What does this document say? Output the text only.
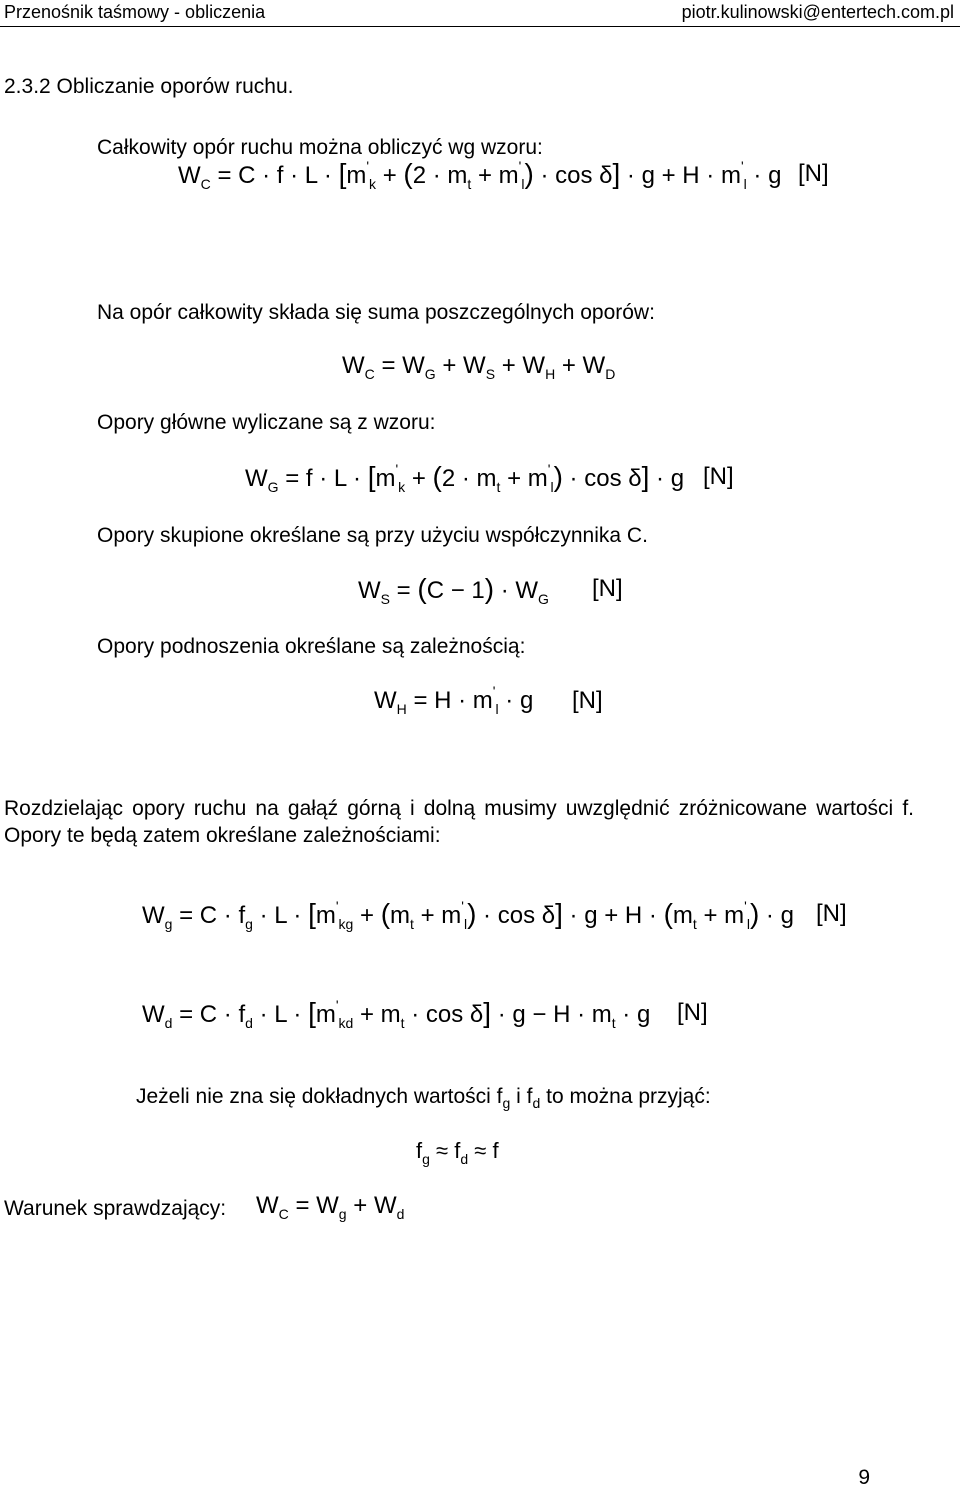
Przenośnik taśmowy - obliczenia	piotr.kulinowski@entertech.com.pl
2.3.2 Obliczanie oporów ruchu.
Całkowity opór ruchu można obliczyć wg wzoru:
$W_C = C \cdot f \cdot L \cdot [m'_k + (2 \cdot m_t + m'_l) \cdot \cos \delta] \cdot g + H \cdot m'_l \cdot g$ [N]
Na opór całkowity składa się suma poszczególnych oporów:
$W_C = W_G + W_S + W_H + W_D$
Opory główne wyliczane są z wzoru:
$W_G = f \cdot L \cdot [m'_k + (2 \cdot m_t + m'_l) \cdot \cos \delta] \cdot g$ [N]
Opory skupione określane są przy użyciu współczynnika C.
$W_S = (C - 1) \cdot W_G$ [N]
Opory podnoszenia określane są zależnością:
$W_H = H \cdot m'_l \cdot g$ [N]
Rozdzielając opory ruchu na gałąź górną i dolną musimy uwzględnić zróżnicowane wartości f. Opory te będą zatem określane zależnościami:
$W_g = C \cdot f_g \cdot L \cdot [m'_{kg} + (m_t + m'_l) \cdot \cos \delta] \cdot g + H \cdot (m_t + m'_l) \cdot g$ [N]
$W_d = C \cdot f_d \cdot L \cdot [m'_{kd} + m_t \cdot \cos \delta] \cdot g - H \cdot m_t \cdot g$ [N]
Jeżeli nie zna się dokładnych wartości $f_g$ i $f_d$ to można przyjąć:
$f_g \approx f_d \approx f$
Warunek sprawdzający: $W_C = W_g + W_d$
9
